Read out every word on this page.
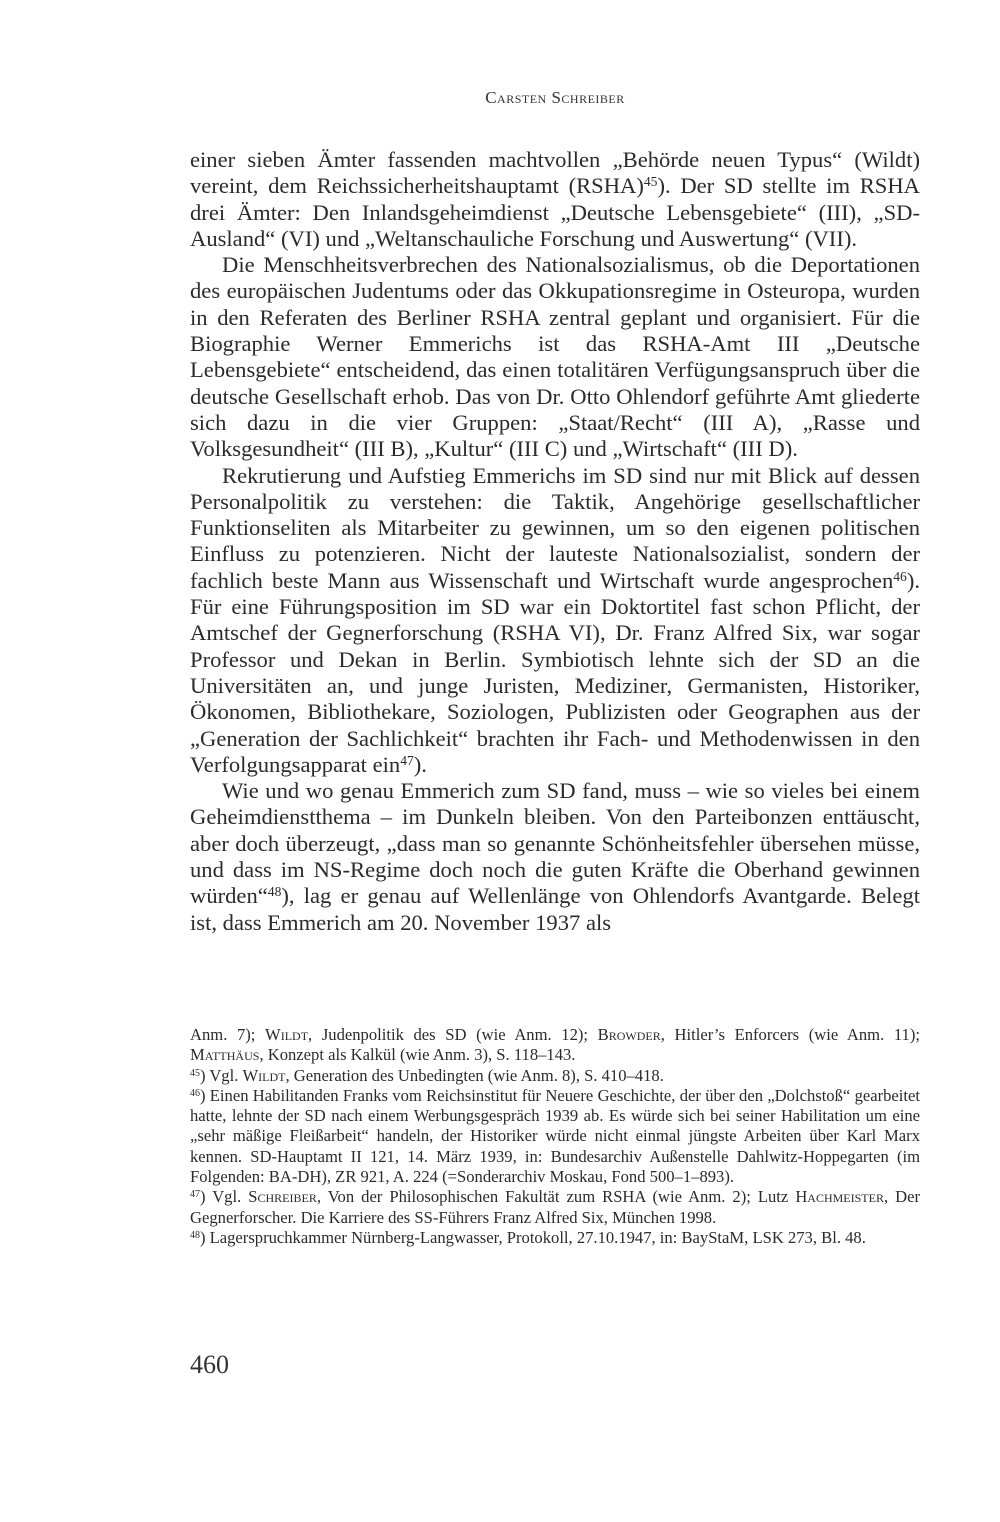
Carsten Schreiber

einer sieben Ämter fassenden machtvollen „Behörde neuen Typus“ (Wildt) vereint, dem Reichssicherheitshauptamt (RSHA)$^{45}$). Der SD stellte im RSHA drei Ämter: Den Inlandsgeheimdienst „Deutsche Lebensgebiete“ (III), „SD-Ausland“ (VI) und „Weltanschauliche Forschung und Auswertung“ (VII).

Die Menschheitsverbrechen des Nationalsozialismus, ob die Deportationen des europäischen Judentums oder das Okkupationsregime in Osteuropa, wurden in den Referaten des Berliner RSHA zentral geplant und organisiert. Für die Biographie Werner Emmerichs ist das RSHA-Amt III „Deutsche Lebensgebiete“ entscheidend, das einen totalitären Verfügungsanspruch über die deutsche Gesellschaft erhob. Das von Dr. Otto Ohlendorf geführte Amt gliederte sich dazu in die vier Gruppen: „Staat/Recht“ (III A), „Rasse und Volksgesundheit“ (III B), „Kultur“ (III C) und „Wirtschaft“ (III D).

Rekrutierung und Aufstieg Emmerichs im SD sind nur mit Blick auf dessen Personalpolitik zu verstehen: die Taktik, Angehörige gesellschaftlicher Funktionseliten als Mitarbeiter zu gewinnen, um so den eigenen politischen Einfluss zu potenzieren. Nicht der lauteste Nationalsozialist, sondern der fachlich beste Mann aus Wissenschaft und Wirtschaft wurde angesprochen$^{46}$). Für eine Führungsposition im SD war ein Doktortitel fast schon Pflicht, der Amtschef der Gegnerforschung (RSHA VI), Dr. Franz Alfred Six, war sogar Professor und Dekan in Berlin. Symbiotisch lehnte sich der SD an die Universitäten an, und junge Juristen, Mediziner, Germanisten, Historiker, Ökonomen, Bibliothekare, Soziologen, Publizisten oder Geographen aus der „Generation der Sachlichkeit“ brachten ihr Fach- und Methodenwissen in den Verfolgungsapparat ein$^{47}$).

Wie und wo genau Emmerich zum SD fand, muss – wie so vieles bei einem Geheimdienstthema – im Dunkeln bleiben. Von den Parteibonzen enttäuscht, aber doch überzeugt, „dass man so genannte Schönheitsfehler übersehen müsse, und dass im NS-Regime doch noch die guten Kräfte die Oberhand gewinnen würden“$^{48}$), lag er genau auf Wellenlänge von Ohlendorfs Avantgarde. Belegt ist, dass Emmerich am 20. November 1937 als

Anm. 7); Wildt, Judenpolitik des SD (wie Anm. 12); Browder, Hitler’s Enforcers (wie Anm. 11); Matthäus, Konzept als Kalkül (wie Anm. 3), S. 118–143.

$^{45}$) Vgl. Wildt, Generation des Unbedingten (wie Anm. 8), S. 410–418.

$^{46}$) Einen Habilitanden Franks vom Reichsinstitut für Neuere Geschichte, der über den „Dolchstoß“ gearbeitet hatte, lehnte der SD nach einem Werbungsgespräch 1939 ab. Es würde sich bei seiner Habilitation um eine „sehr mäßige Fleißarbeit“ handeln, der Historiker würde nicht einmal jüngste Arbeiten über Karl Marx kennen. SD-Hauptamt II 121, 14. März 1939, in: Bundesarchiv Außenstelle Dahlwitz-Hoppegarten (im Folgenden: BA-DH), ZR 921, A. 224 (=Sonderarchiv Moskau, Fond 500–1–893).

$^{47}$) Vgl. Schreiber, Von der Philosophischen Fakultät zum RSHA (wie Anm. 2); Lutz Hachmeister, Der Gegnerforscher. Die Karriere des SS-Führers Franz Alfred Six, München 1998.

$^{48}$) Lagerspruchkammer Nürnberg-Langwasser, Protokoll, 27.10.1947, in: BayStaM, LSK 273, Bl. 48.

460
